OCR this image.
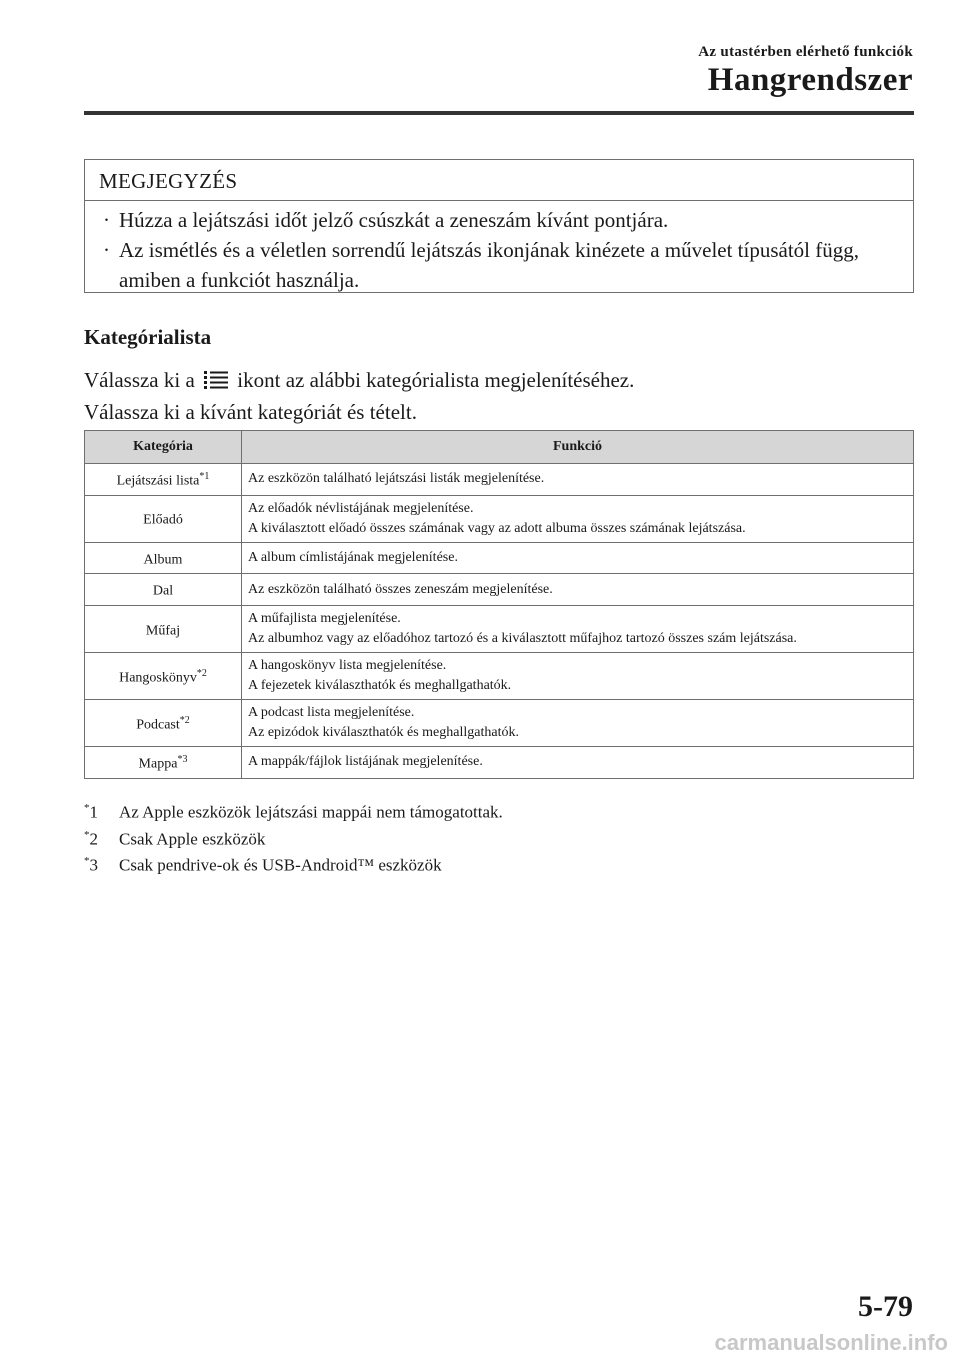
Az utastérben elérhető funkciók
Hangrendszer
MEGJEGYZÉS
· Húzza a lejátszási időt jelző csúszkát a zeneszám kívánt pontjára.
· Az ismétlés és a véletlen sorrendű lejátszás ikonjának kinézete a művelet típusától függ, amiben a funkciót használja.
Kategórialista
Válassza ki a ikont az alábbi kategórialista megjelenítéséhez.
Válassza ki a kívánt kategóriát és tételt.
Kategória	Funkció
Lejátszási lista$^{*1}$	Az eszközön található lejátszási listák megjelenítése.

Előadó	Az előadók névlistájának megjelenítése.
A kiválasztott előadó összes számának vagy az adott albuma összes számának lejátszása.

Album	A album címlistájának megjelenítése.

Dal	Az eszközön található összes zeneszám megjelenítése.

Műfaj	A műfajlista megjelenítése.
Az albumhoz vagy az előadóhoz tartozó és a kiválasztott műfajhoz tartozó összes szám lejátszása.

Hangoskönyv$^{*2}$	A hangoskönyv lista megjelenítése.
A fejezetek kiválaszthatók és meghallgathatók.

Podcast$^{*2}$	A podcast lista megjelenítése.
Az epizódok kiválaszthatók és meghallgathatók.

Mappa$^{*3}$	A mappák/fájlok listájának megjelenítése.
*1 Az Apple eszközök lejátszási mappái nem támogatottak.
*2 Csak Apple eszközök
*3 Csak pendrive-ok és USB-Android™ eszközök
5-79
carmanualsonline.info
